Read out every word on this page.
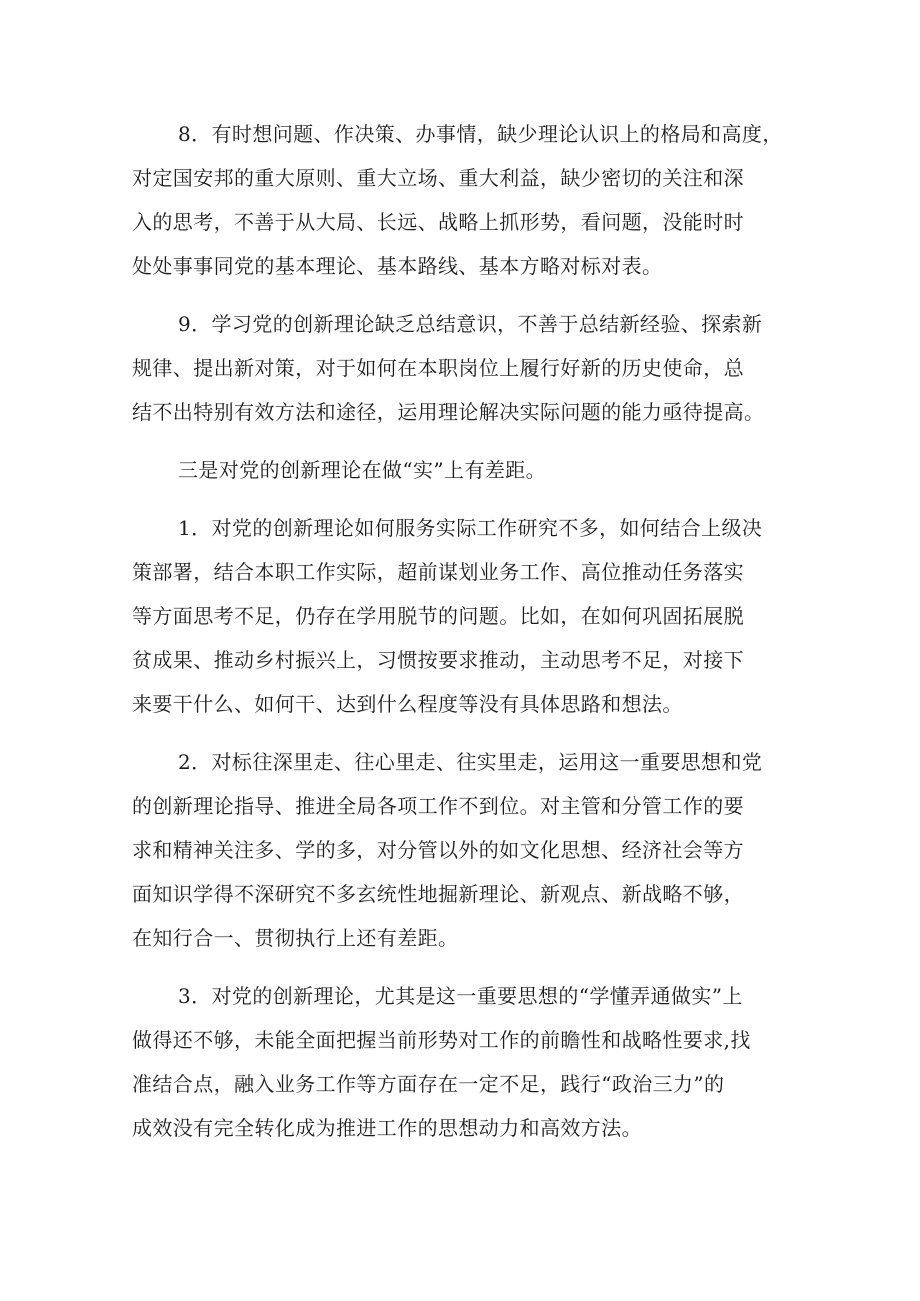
8．有时想问题、作决策、办事情，缺少理论认识上的格局和高度，
对定国安邦的重大原则、重大立场、重大利益，缺少密切的关注和深
入的思考，不善于从大局、长远、战略上抓形势，看问题，没能时时
处处事事同党的基本理论、基本路线、基本方略对标对表。

9．学习党的创新理论缺乏总结意识，不善于总结新经验、探索新
规律、提出新对策，对于如何在本职岗位上履行好新的历史使命，总
结不出特别有效方法和途径，运用理论解决实际问题的能力亟待提高。

三是对党的创新理论在做“实”上有差距。

1．对党的创新理论如何服务实际工作研究不多，如何结合上级决
策部署，结合本职工作实际，超前谋划业务工作、高位推动任务落实
等方面思考不足，仍存在学用脱节的问题。比如，在如何巩固拓展脱
贫成果、推动乡村振兴上，习惯按要求推动，主动思考不足，对接下
来要干什么、如何干、达到什么程度等没有具体思路和想法。

2．对标往深里走、往心里走、往实里走，运用这一重要思想和党
的创新理论指导、推进全局各项工作不到位。对主管和分管工作的要
求和精神关注多、学的多，对分管以外的如文化思想、经济社会等方
面知识学得不深研究不多玄统性地掘新理论、新观点、新战略不够，
在知行合一、贯彻执行上还有差距。

3．对党的创新理论，尤其是这一重要思想的“学懂弄通做实”上
做得还不够，未能全面把握当前形势对工作的前瞻性和战略性要求,找
准结合点，融入业务工作等方面存在一定不足，践行“政治三力”的
成效没有完全转化成为推进工作的思想动力和高效方法。
